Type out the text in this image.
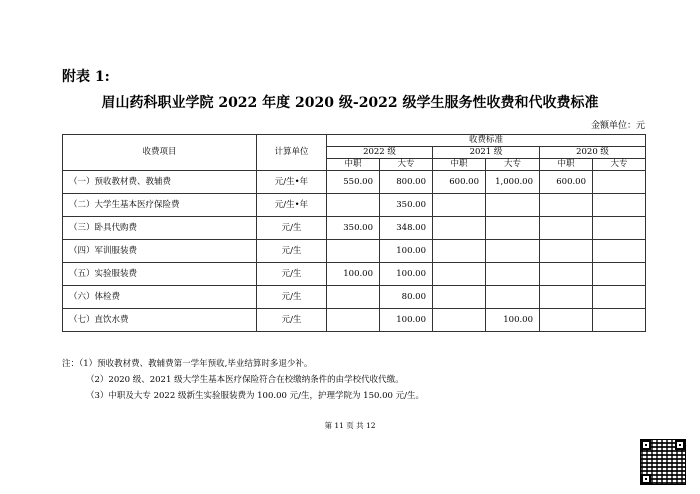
附表 1:
眉山药科职业学院 2022 年度 2020 级-2022 级学生服务性收费和代收费标准
金额单位：元
收费项目	计算单位	收费标准					
		2022 级		2021 级		2020 级	
		中职	大专	中职	大专	中职	大专
（一）预收教材费、教辅费	元/生•年	550.00	800.00	600.00	1,000.00	600.00	
（二）大学生基本医疗保险费	元/生•年		350.00				
（三）卧具代购费	元/生	350.00	348.00				
（四）军训服装费	元/生		100.00				
（五）实验服装费	元/生	100.00	100.00				
（六）体检费	元/生		80.00				
（七）直饮水费	元/生		100.00		100.00		
注：（1）预收教材费、教辅费第一学年预收,毕业结算时多退少补。
（2）2020 级、2021 级大学生基本医疗保险符合在校缴纳条件的由学校代收代缴。
（3）中职及大专 2022 级新生实验服装费为 100.00 元/生，护理学院为 150.00 元/生。
第 11 页 共 12
